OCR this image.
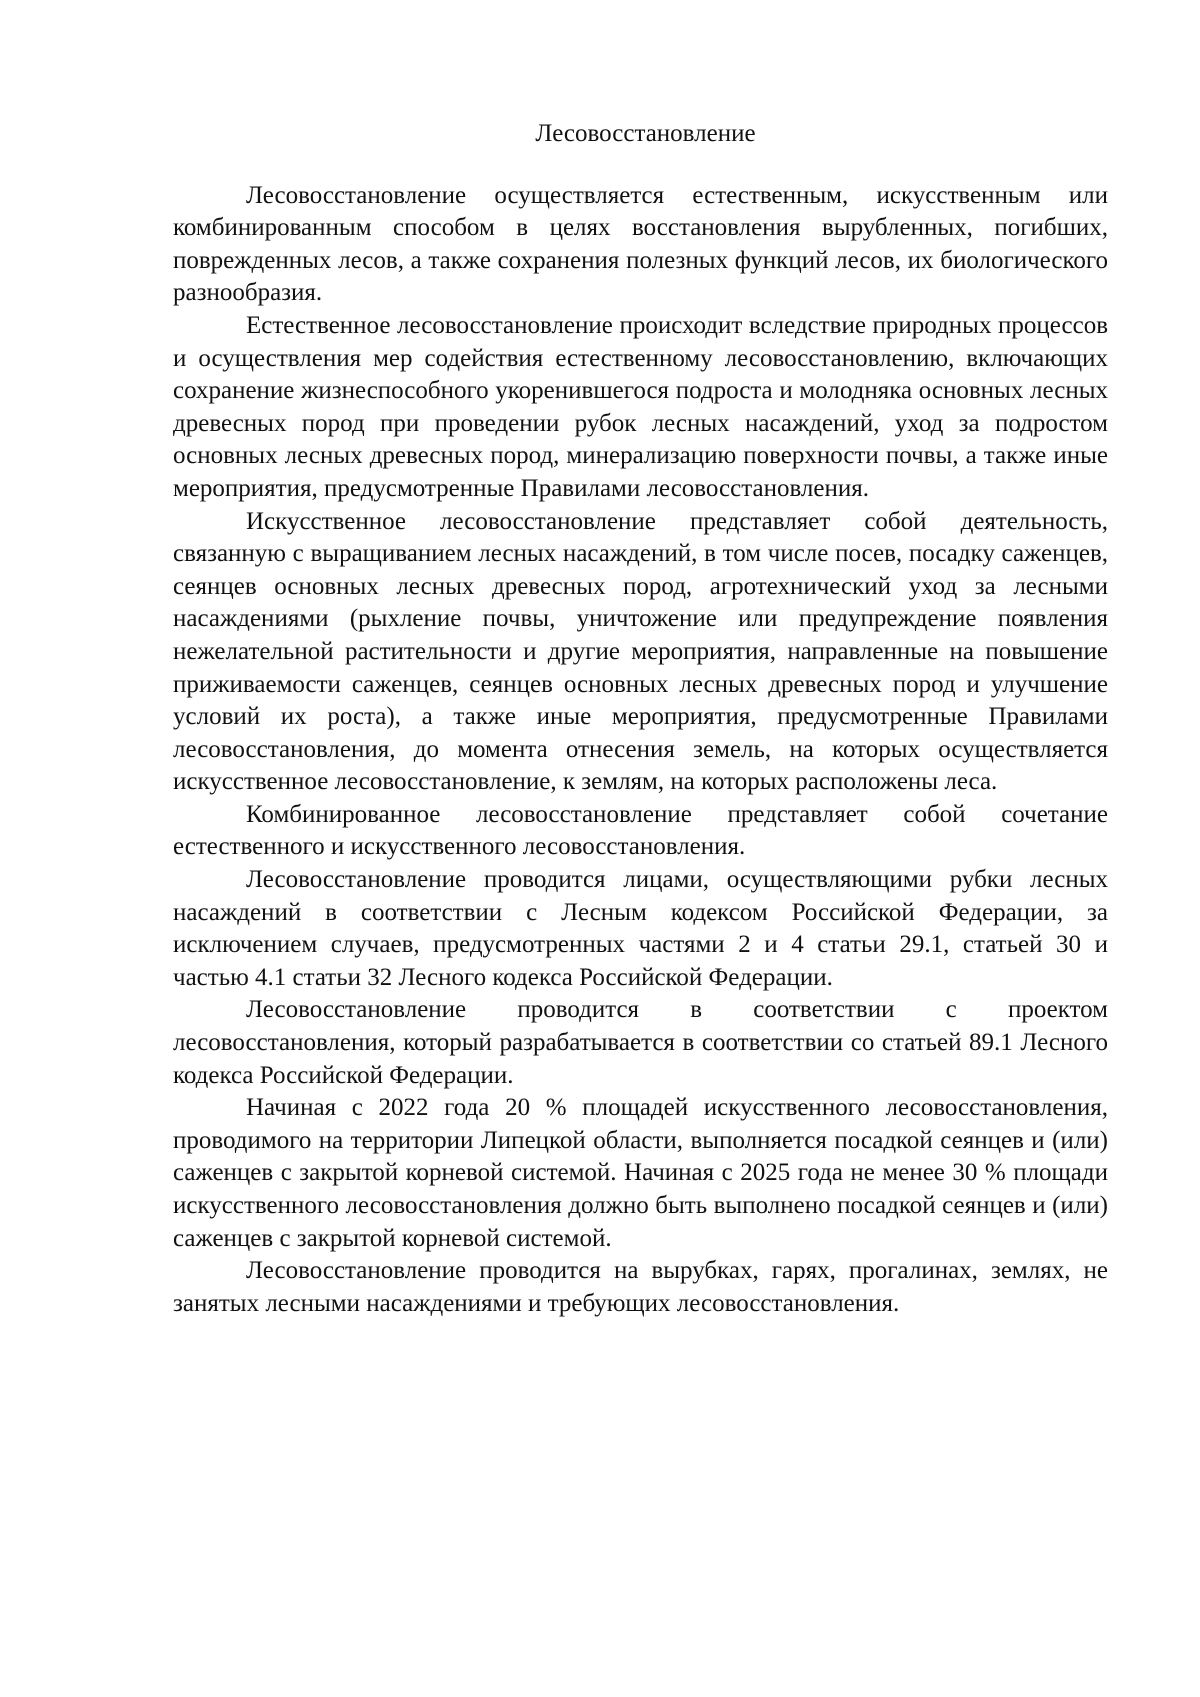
Лесовосстановление

Лесовосстановление осуществляется естественным, искусственным или комбинированным способом в целях восстановления вырубленных, погибших, поврежденных лесов, а также сохранения полезных функций лесов, их биологического разнообразия.

Естественное лесовосстановление происходит вследствие природных процессов и осуществления мер содействия естественному лесовосстановлению, включающих сохранение жизнеспособного укоренившегося подроста и молодняка основных лесных древесных пород при проведении рубок лесных насаждений, уход за подростом основных лесных древесных пород, минерализацию поверхности почвы, а также иные мероприятия, предусмотренные Правилами лесовосстановления.

Искусственное лесовосстановление представляет собой деятельность, связанную с выращиванием лесных насаждений, в том числе посев, посадку саженцев, сеянцев основных лесных древесных пород, агротехнический уход за лесными насаждениями (рыхление почвы, уничтожение или предупреждение появления нежелательной растительности и другие мероприятия, направленные на повышение приживаемости саженцев, сеянцев основных лесных древесных пород и улучшение условий их роста), а также иные мероприятия, предусмотренные Правилами лесовосстановления, до момента отнесения земель, на которых осуществляется искусственное лесовосстановление, к землям, на которых расположены леса.

Комбинированное лесовосстановление представляет собой сочетание естественного и искусственного лесовосстановления.

Лесовосстановление проводится лицами, осуществляющими рубки лесных насаждений в соответствии с Лесным кодексом Российской Федерации, за исключением случаев, предусмотренных частями 2 и 4 статьи 29.1, статьей 30 и частью 4.1 статьи 32 Лесного кодекса Российской Федерации.

Лесовосстановление проводится в соответствии с проектом лесовосстановления, который разрабатывается в соответствии со статьей 89.1 Лесного кодекса Российской Федерации.

Начиная с 2022 года 20 % площадей искусственного лесовосстановления, проводимого на территории Липецкой области, выполняется посадкой сеянцев и (или) саженцев с закрытой корневой системой. Начиная с 2025 года не менее 30 % площади искусственного лесовосстановления должно быть выполнено посадкой сеянцев и (или) саженцев с закрытой корневой системой.

Лесовосстановление проводится на вырубках, гарях, прогалинах, землях, не занятых лесными насаждениями и требующих лесовосстановления.
